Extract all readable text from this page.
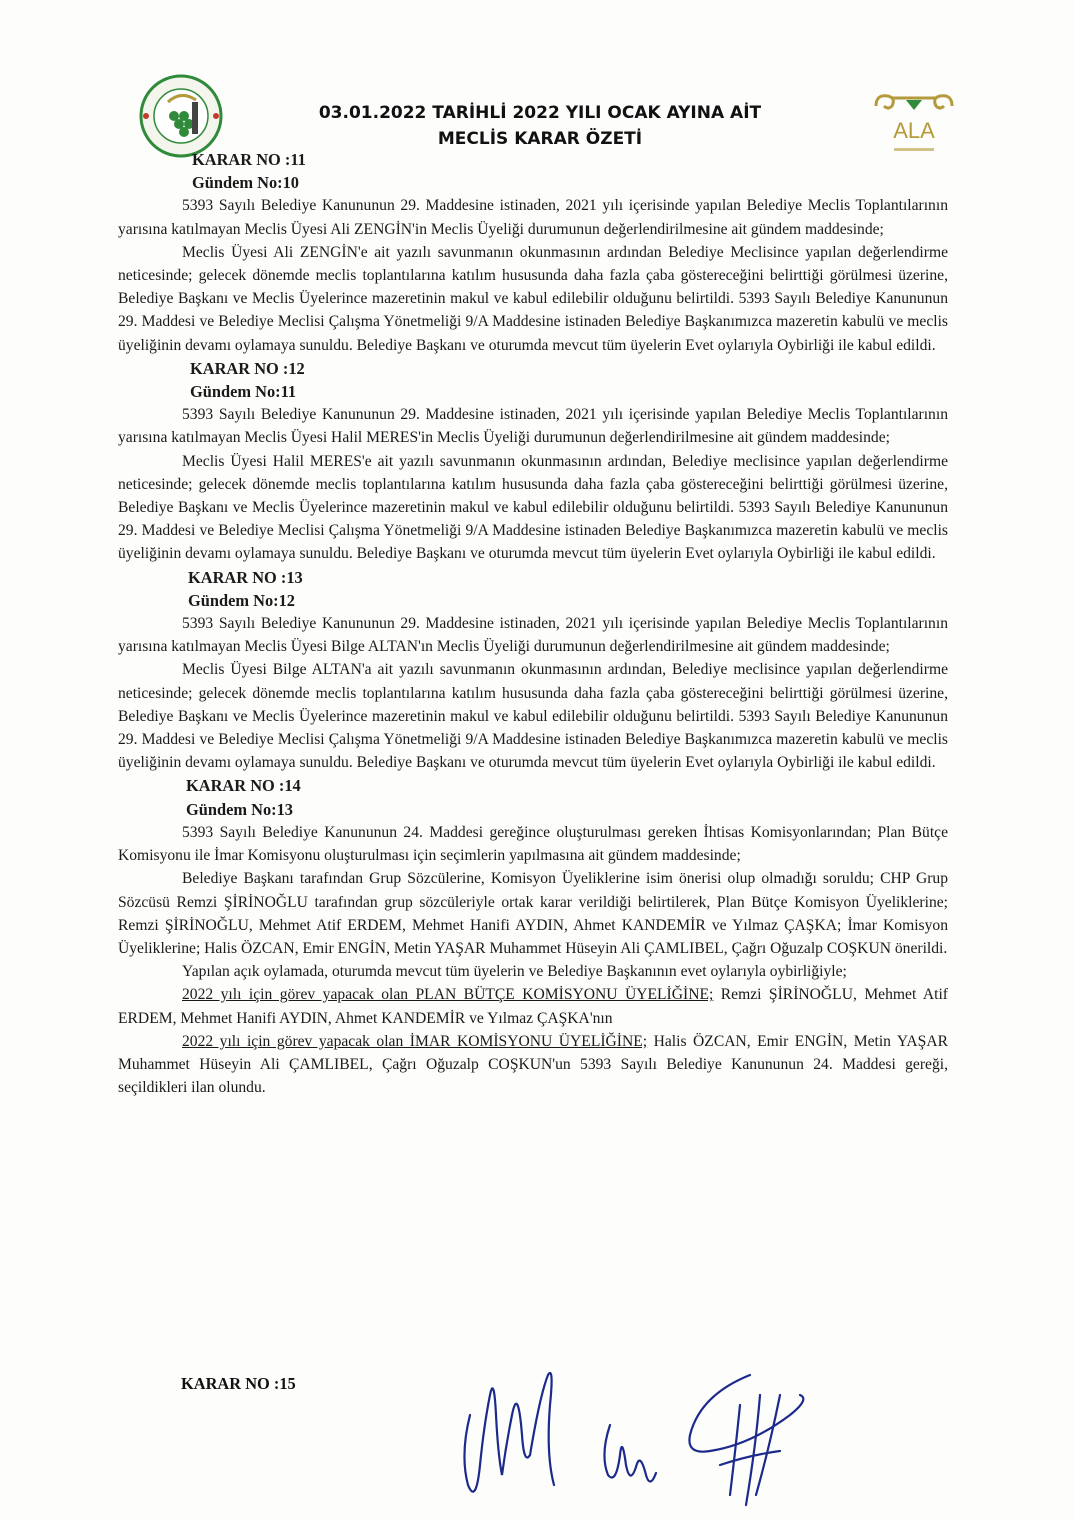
ALA
03.01.2022 TARİHLİ 2022 YILI OCAK AYINA AİT
MECLİS KARAR ÖZETİ
KARAR NO :11
Gündem No:10

5393 Sayılı Belediye Kanununun 29. Maddesine istinaden, 2021 yılı içerisinde yapılan Belediye Meclis Toplantılarının yarısına katılmayan Meclis Üyesi Ali ZENGİN'in Meclis Üyeliği durumunun değerlendirilmesine ait gündem maddesinde;

Meclis Üyesi Ali ZENGİN'e ait yazılı savunmanın okunmasının ardından Belediye Meclisince yapılan değerlendirme neticesinde; gelecek dönemde meclis toplantılarına katılım hususunda daha fazla çaba göstereceğini belirttiği görülmesi üzerine, Belediye Başkanı ve Meclis Üyelerince mazeretinin makul ve kabul edilebilir olduğunu belirtildi. 5393 Sayılı Belediye Kanununun 29. Maddesi ve Belediye Meclisi Çalışma Yönetmeliği 9/A Maddesine istinaden Belediye Başkanımızca mazeretin kabulü ve meclis üyeliğinin devamı oylamaya sunuldu. Belediye Başkanı ve oturumda mevcut tüm üyelerin Evet oylarıyla Oybirliği ile kabul edildi.

KARAR NO :12
Gündem No:11

5393 Sayılı Belediye Kanununun 29. Maddesine istinaden, 2021 yılı içerisinde yapılan Belediye Meclis Toplantılarının yarısına katılmayan Meclis Üyesi Halil MERES'in Meclis Üyeliği durumunun değerlendirilmesine ait gündem maddesinde;

Meclis Üyesi Halil MERES'e ait yazılı savunmanın okunmasının ardından, Belediye meclisince yapılan değerlendirme neticesinde; gelecek dönemde meclis toplantılarına katılım hususunda daha fazla çaba göstereceğini belirttiği görülmesi üzerine, Belediye Başkanı ve Meclis Üyelerince mazeretinin makul ve kabul edilebilir olduğunu belirtildi. 5393 Sayılı Belediye Kanununun 29. Maddesi ve Belediye Meclisi Çalışma Yönetmeliği 9/A Maddesine istinaden Belediye Başkanımızca mazeretin kabulü ve meclis üyeliğinin devamı oylamaya sunuldu. Belediye Başkanı ve oturumda mevcut tüm üyelerin Evet oylarıyla Oybirliği ile kabul edildi.

KARAR NO :13
Gündem No:12

5393 Sayılı Belediye Kanununun 29. Maddesine istinaden, 2021 yılı içerisinde yapılan Belediye Meclis Toplantılarının yarısına katılmayan Meclis Üyesi Bilge ALTAN'ın Meclis Üyeliği durumunun değerlendirilmesine ait gündem maddesinde;

Meclis Üyesi Bilge ALTAN'a ait yazılı savunmanın okunmasının ardından, Belediye meclisince yapılan değerlendirme neticesinde; gelecek dönemde meclis toplantılarına katılım hususunda daha fazla çaba göstereceğini belirttiği görülmesi üzerine, Belediye Başkanı ve Meclis Üyelerince mazeretinin makul ve kabul edilebilir olduğunu belirtildi. 5393 Sayılı Belediye Kanununun 29. Maddesi ve Belediye Meclisi Çalışma Yönetmeliği 9/A Maddesine istinaden Belediye Başkanımızca mazeretin kabulü ve meclis üyeliğinin devamı oylamaya sunuldu. Belediye Başkanı ve oturumda mevcut tüm üyelerin Evet oylarıyla Oybirliği ile kabul edildi.

KARAR NO :14
Gündem No:13

5393 Sayılı Belediye Kanununun 24. Maddesi gereğince oluşturulması gereken İhtisas Komisyonlarından; Plan Bütçe Komisyonu ile İmar Komisyonu oluşturulması için seçimlerin yapılmasına ait gündem maddesinde;

Belediye Başkanı tarafından Grup Sözcülerine, Komisyon Üyeliklerine isim önerisi olup olmadığı soruldu; CHP Grup Sözcüsü Remzi ŞİRİNOĞLU tarafından grup sözcüleriyle ortak karar verildiği belirtilerek, Plan Bütçe Komisyon Üyeliklerine; Remzi ŞİRİNOĞLU, Mehmet Atif ERDEM, Mehmet Hanifi AYDIN, Ahmet KANDEMİR ve Yılmaz ÇAŞKA; İmar Komisyon Üyeliklerine; Halis ÖZCAN, Emir ENGİN, Metin YAŞAR Muhammet Hüseyin Ali ÇAMLIBEL, Çağrı Oğuzalp COŞKUN önerildi.

Yapılan açık oylamada, oturumda mevcut tüm üyelerin ve Belediye Başkanının evet oylarıyla oybirliğiyle;

2022 yılı için görev yapacak olan PLAN BÜTÇE KOMİSYONU ÜYELİĞİNE; Remzi ŞİRİNOĞLU, Mehmet Atif ERDEM, Mehmet Hanifi AYDIN, Ahmet KANDEMİR ve Yılmaz ÇAŞKA'nın

2022 yılı için görev yapacak olan İMAR KOMİSYONU ÜYELİĞİNE; Halis ÖZCAN, Emir ENGİN, Metin YAŞAR Muhammet Hüseyin Ali ÇAMLIBEL, Çağrı Oğuzalp COŞKUN'un 5393 Sayılı Belediye Kanununun 24. Maddesi gereği, seçildikleri ilan olundu.

KARAR NO :15
